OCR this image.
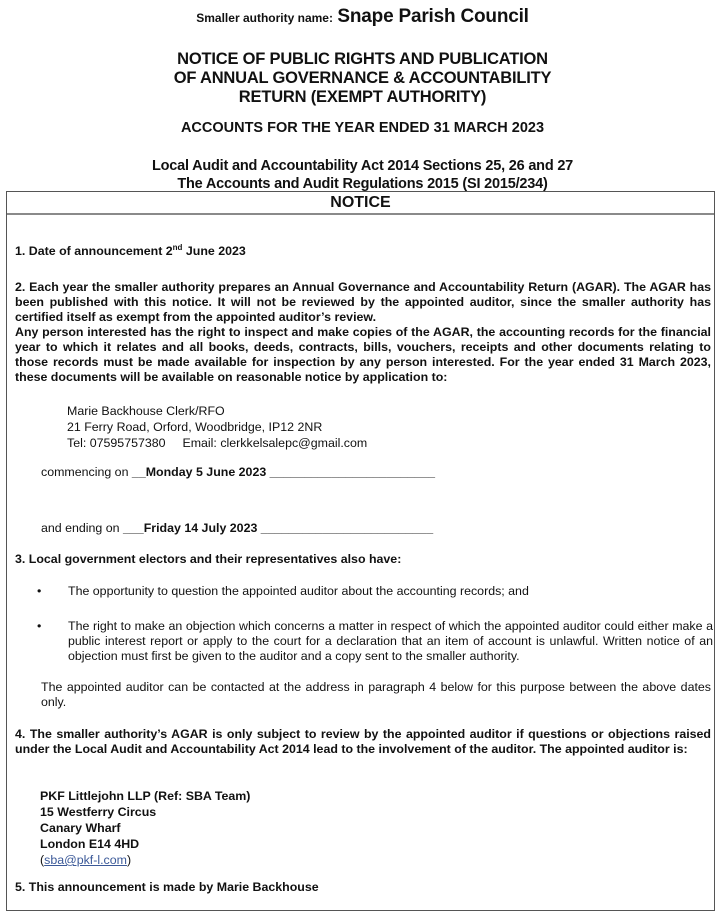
Smaller authority name: Snape Parish Council
NOTICE OF PUBLIC RIGHTS AND PUBLICATION
OF ANNUAL GOVERNANCE & ACCOUNTABILITY
RETURN (EXEMPT AUTHORITY)
ACCOUNTS FOR THE YEAR ENDED 31 MARCH 2023
Local Audit and Accountability Act 2014 Sections 25, 26 and 27
The Accounts and Audit Regulations 2015 (SI 2015/234)
NOTICE
1. Date of announcement 2nd June 2023
2. Each year the smaller authority prepares an Annual Governance and Accountability Return (AGAR). The AGAR has been published with this notice. It will not be reviewed by the appointed auditor, since the smaller authority has certified itself as exempt from the appointed auditor’s review.
Any person interested has the right to inspect and make copies of the AGAR, the accounting records for the financial year to which it relates and all books, deeds, contracts, bills, vouchers, receipts and other documents relating to those records must be made available for inspection by any person interested. For the year ended 31 March 2023, these documents will be available on reasonable notice by application to:
Marie Backhouse Clerk/RFO
21 Ferry Road, Orford, Woodbridge, IP12 2NR
Tel: 07595757380 Email: clerkkelsalepc@gmail.com
commencing on __Monday 5 June 2023 ________________________
and ending on ___Friday 14 July 2023 _________________________
3. Local government electors and their representatives also have:
• The opportunity to question the appointed auditor about the accounting records; and
• The right to make an objection which concerns a matter in respect of which the appointed auditor could either make a public interest report or apply to the court for a declaration that an item of account is unlawful. Written notice of an objection must first be given to the auditor and a copy sent to the smaller authority.
The appointed auditor can be contacted at the address in paragraph 4 below for this purpose between the above dates only.
4. The smaller authority’s AGAR is only subject to review by the appointed auditor if questions or objections raised under the Local Audit and Accountability Act 2014 lead to the involvement of the auditor. The appointed auditor is:
PKF Littlejohn LLP (Ref: SBA Team)
15 Westferry Circus
Canary Wharf
London E14 4HD
(sba@pkf-l.com)
5. This announcement is made by Marie Backhouse
